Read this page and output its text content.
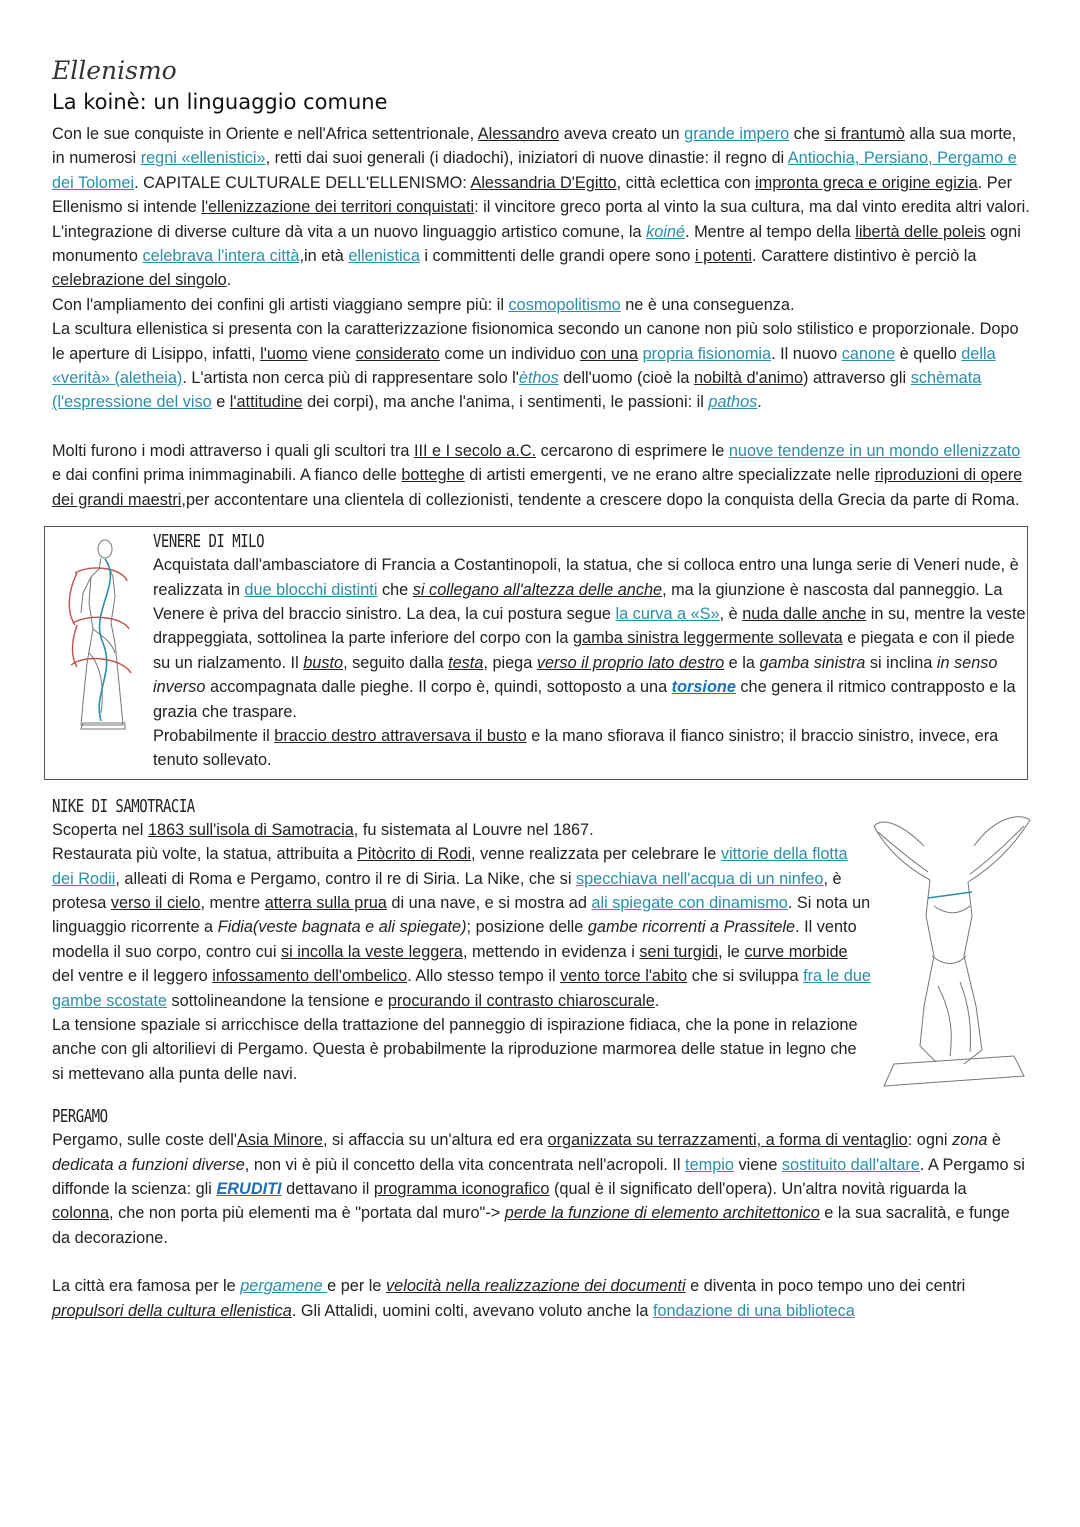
Ellenismo
La koinè: un linguaggio comune

Con le sue conquiste in Oriente e nell'Africa settentrionale, Alessandro aveva creato un grande impero che si frantumò alla sua morte, in numerosi regni «ellenistici», retti dai suoi generali (i diadochi), iniziatori di nuove dinastie: il regno di Antiochia, Persiano, Pergamo e dei Tolomei. CAPITALE CULTURALE DELL'ELLENISMO: Alessandria D'Egitto, città eclettica con impronta greca e origine egizia. Per Ellenismo si intende l'ellenizzazione dei territori conquistati: il vincitore greco porta al vinto la sua cultura, ma dal vinto eredita altri valori. L'integrazione di diverse culture dà vita a un nuovo linguaggio artistico comune, la koiné. Mentre al tempo della libertà delle poleis ogni monumento celebrava l'intera città,in età ellenistica i committenti delle grandi opere sono i potenti. Carattere distintivo è perciò la celebrazione del singolo.

Con l'ampliamento dei confini gli artisti viaggiano sempre più: il cosmopolitismo ne è una conseguenza.

La scultura ellenistica si presenta con la caratterizzazione fisionomica secondo un canone non più solo stilistico e proporzionale. Dopo le aperture di Lisippo, infatti, l'uomo viene considerato come un individuo con una propria fisionomia. Il nuovo canone è quello della «verità» (aletheia). L'artista non cerca più di rappresentare solo l'èthos dell'uomo (cioè la nobiltà d'animo) attraverso gli schèmata (l'espressione del viso e l'attitudine dei corpi), ma anche l'anima, i sentimenti, le passioni: il pathos.

Molti furono i modi attraverso i quali gli scultori tra III e I secolo a.C. cercarono di esprimere le nuove tendenze in un mondo ellenizzato e dai confini prima inimmaginabili. A fianco delle botteghe di artisti emergenti, ve ne erano altre specializzate nelle riproduzioni di opere dei grandi maestri,per accontentare una clientela di collezionisti, tendente a crescere dopo la conquista della Grecia da parte di Roma.

VENERE DI MILO

Acquistata dall'ambasciatore di Francia a Costantinopoli, la statua, che si colloca entro una lunga serie di Veneri nude, è realizzata in due blocchi distinti che si collegano all'altezza delle anche, ma la giunzione è nascosta dal panneggio. La Venere è priva del braccio sinistro. La dea, la cui postura segue la curva a «S», è nuda dalle anche in su, mentre la veste drappeggiata, sottolinea la parte inferiore del corpo con la gamba sinistra leggermente sollevata e piegata e con il piede su un rialzamento. Il busto, seguito dalla testa, piega verso il proprio lato destro e la gamba sinistra si inclina in senso inverso accompagnata dalle pieghe. Il corpo è, quindi, sottoposto a una torsione che genera il ritmico contrapposto e la grazia che traspare.

Probabilmente il braccio destro attraversava il busto e la mano sfiorava il fianco sinistro; il braccio sinistro, invece, era tenuto sollevato.

NIKE DI SAMOTRACIA

Scoperta nel 1863 sull'isola di Samotracia, fu sistemata al Louvre nel 1867.

Restaurata più volte, la statua, attribuita a Pitòcrito di Rodi, venne realizzata per celebrare le vittorie della flotta dei Rodii, alleati di Roma e Pergamo, contro il re di Siria. La Nike, che si specchiava nell'acqua di un ninfeo, è protesa verso il cielo, mentre atterra sulla prua di una nave, e si mostra ad ali spiegate con dinamismo. Si nota un linguaggio ricorrente a Fidia(veste bagnata e ali spiegate); posizione delle gambe ricorrenti a Prassitele. Il vento modella il suo corpo, contro cui si incolla la veste leggera, mettendo in evidenza i seni turgidi, le curve morbide del ventre e il leggero infossamento dell'ombelico. Allo stesso tempo il vento torce l'abito che si sviluppa fra le due gambe scostate sottolineandone la tensione e procurando il contrasto chiaroscurale.

La tensione spaziale si arricchisce della trattazione del panneggio di ispirazione fidiaca, che la pone in relazione anche con gli altorilievi di Pergamo. Questa è probabilmente la riproduzione marmorea delle statue in legno che si mettevano alla punta delle navi.

PERGAMO

Pergamo, sulle coste dell'Asia Minore, si affaccia su un'altura ed era organizzata su terrazzamenti, a forma di ventaglio: ogni zona è dedicata a funzioni diverse, non vi è più il concetto della vita concentrata nell'acropoli. Il tempio viene sostituito dall'altare. A Pergamo si diffonde la scienza: gli ERUDITI dettavano il programma iconografico (qual è il significato dell'opera). Un'altra novità riguarda la colonna, che non porta più elementi ma è "portata dal muro"-> perde la funzione di elemento architettonico e la sua sacralità, e funge da decorazione.

La città era famosa per le pergamene e per le velocità nella realizzazione dei documenti e diventa in poco tempo uno dei centri propulsori della cultura ellenistica. Gli Attalidi, uomini colti, avevano voluto anche la fondazione di una biblioteca
